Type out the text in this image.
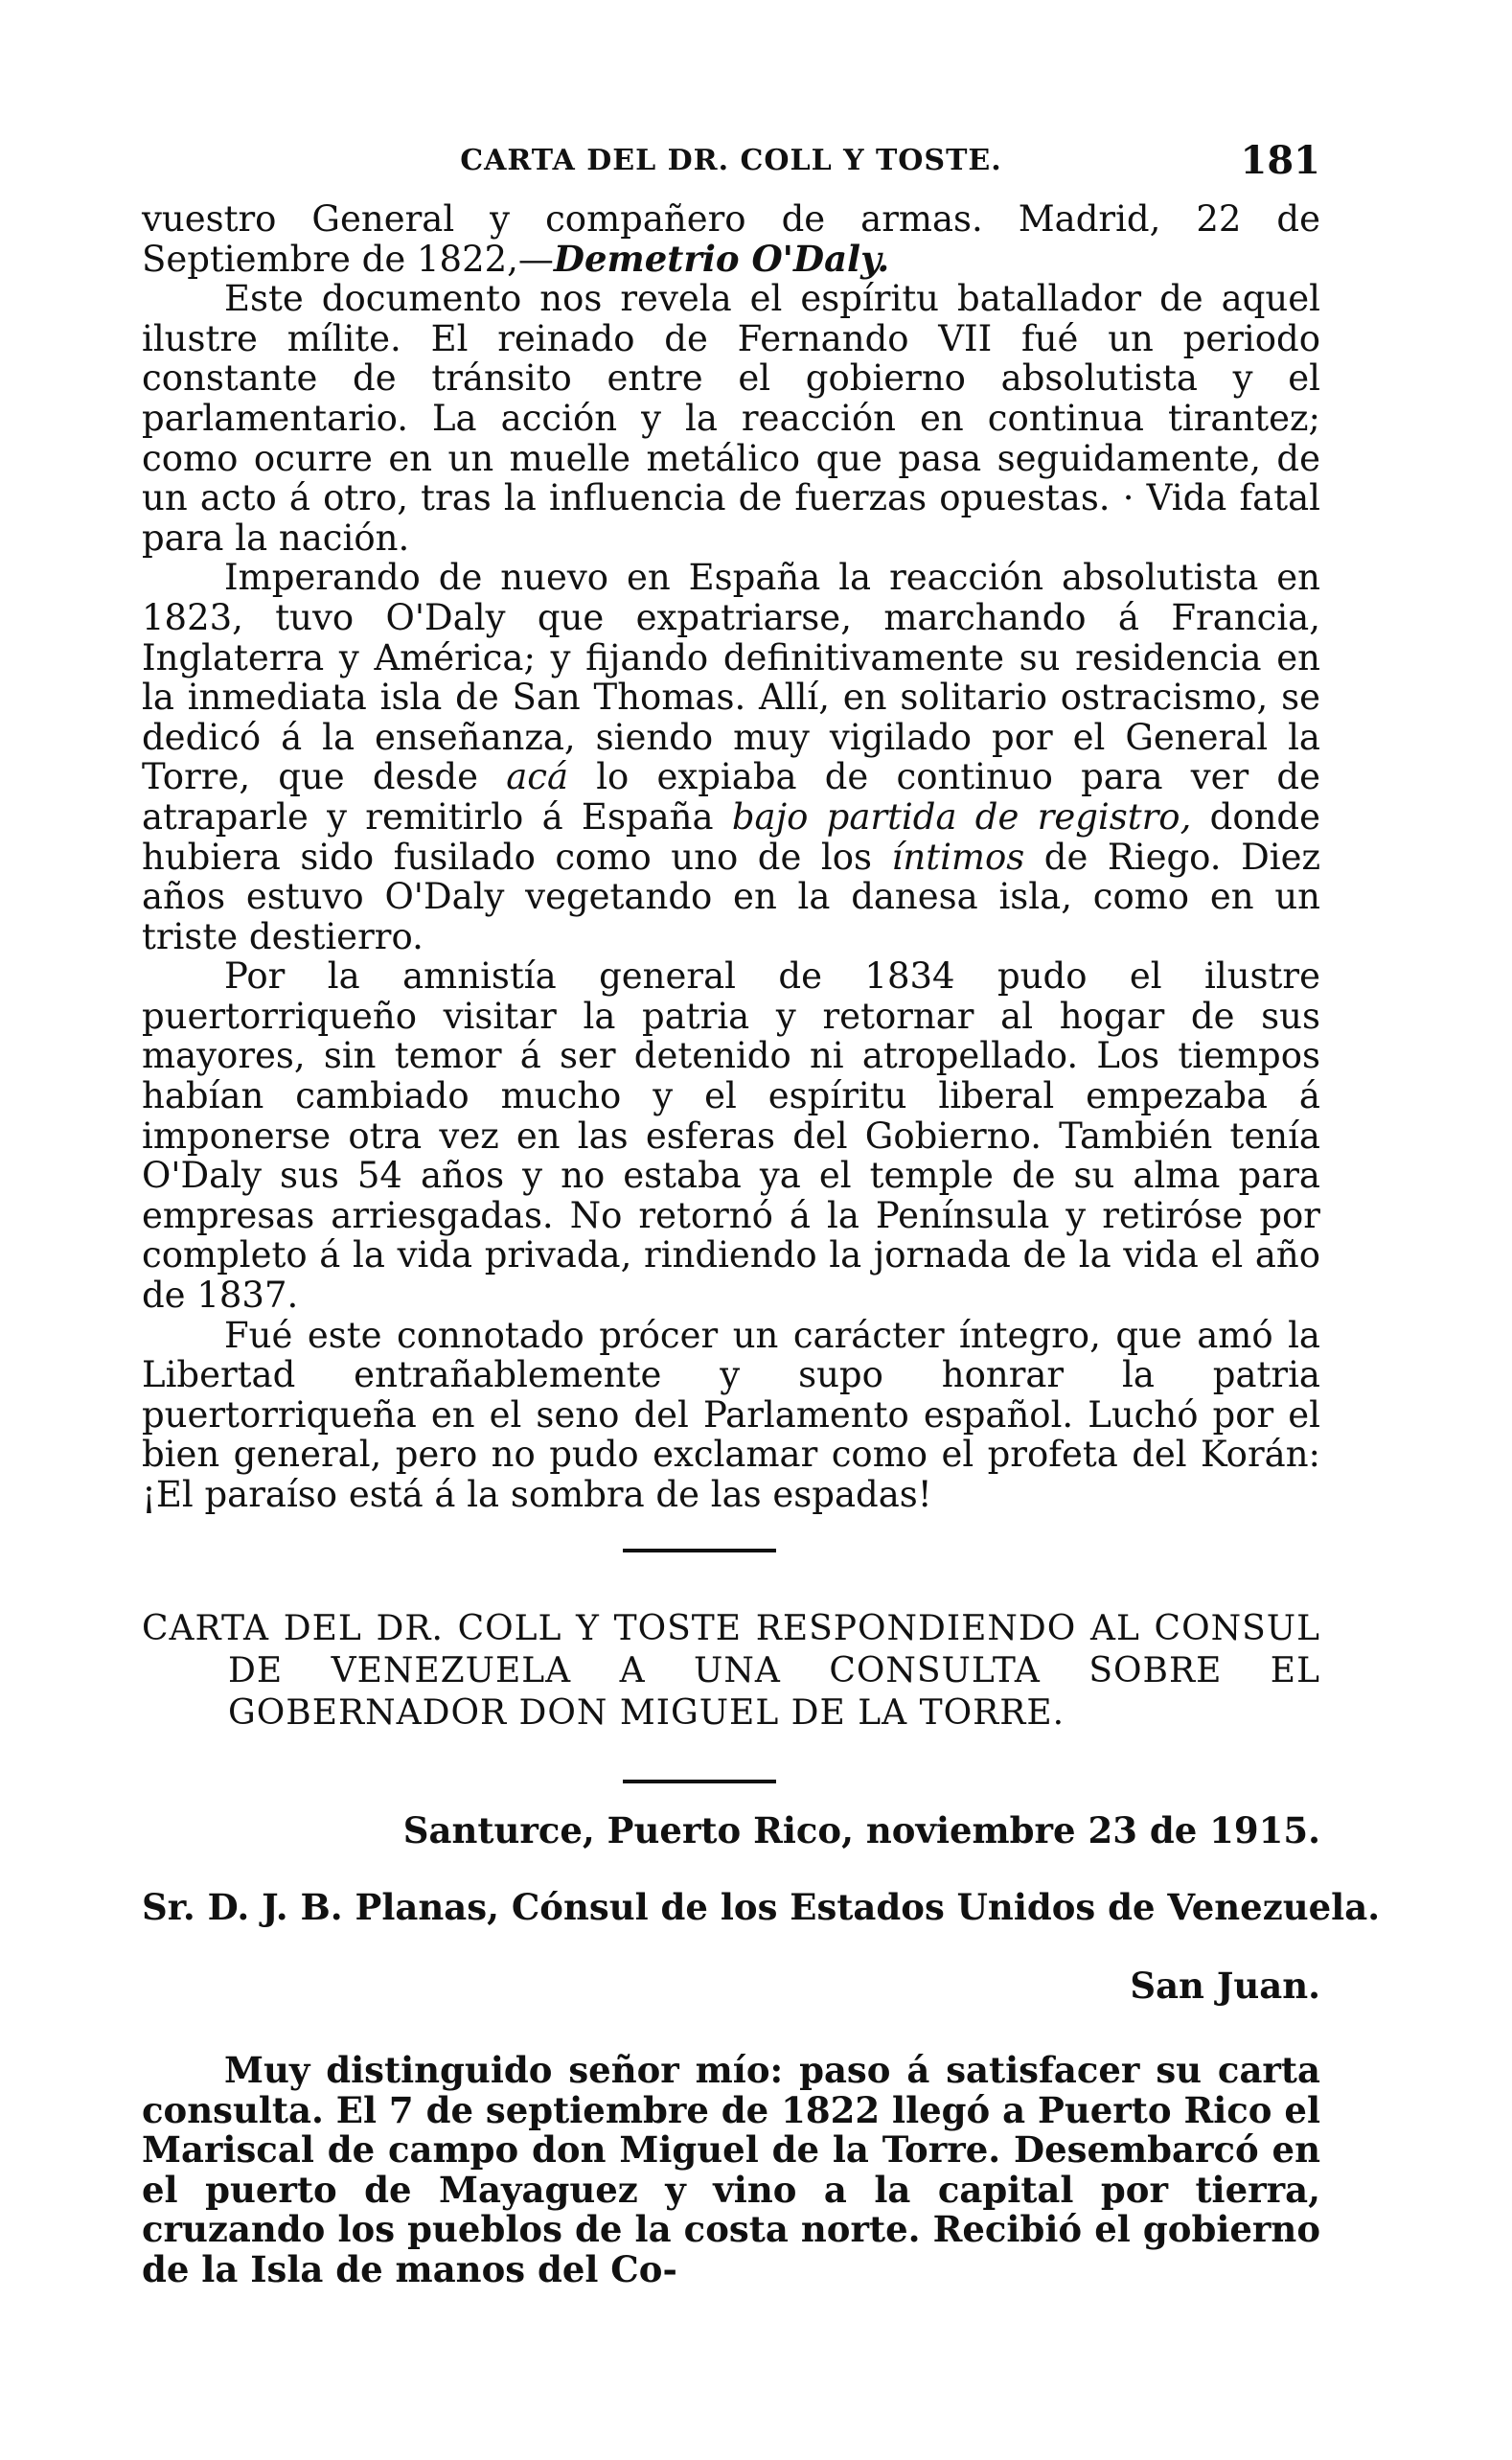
CARTA DEL DR. COLL Y TOSTE.	181

vuestro General y compañero de armas. Madrid, 22 de Septiembre de 1822,—Demetrio O'Daly.

Este documento nos revela el espíritu batallador de aquel ilustre mílite. El reinado de Fernando VII fué un periodo constante de tránsito entre el gobierno absolutista y el parlamentario. La acción y la reacción en continua tirantez; como ocurre en un muelle metálico que pasa seguidamente, de un acto á otro, tras la influencia de fuerzas opuestas. · Vida fatal para la nación.

Imperando de nuevo en España la reacción absolutista en 1823, tuvo O'Daly que expatriarse, marchando á Francia, Inglaterra y América; y fijando definitivamente su residencia en la inmediata isla de San Thomas. Allí, en solitario ostracismo, se dedicó á la enseñanza, siendo muy vigilado por el General la Torre, que desde acá lo expiaba de continuo para ver de atraparle y remitirlo á España bajo partida de registro, donde hubiera sido fusilado como uno de los íntimos de Riego. Diez años estuvo O'Daly vegetando en la danesa isla, como en un triste destierro.

Por la amnistía general de 1834 pudo el ilustre puertorriqueño visitar la patria y retornar al hogar de sus mayores, sin temor á ser detenido ni atropellado. Los tiempos habían cambiado mucho y el espíritu liberal empezaba á imponerse otra vez en las esferas del Gobierno. También tenía O'Daly sus 54 años y no estaba ya el temple de su alma para empresas arriesgadas. No retornó á la Península y retiróse por completo á la vida privada, rindiendo la jornada de la vida el año de 1837.

Fué este connotado prócer un carácter íntegro, que amó la Libertad entrañablemente y supo honrar la patria puertorriqueña en el seno del Parlamento español. Luchó por el bien general, pero no pudo exclamar como el profeta del Korán: ¡El paraíso está á la sombra de las espadas!

CARTA DEL DR. COLL Y TOSTE RESPONDIENDO AL CONSUL DE VENEZUELA A UNA CONSULTA SOBRE EL GOBERNADOR DON MIGUEL DE LA TORRE.
Santurce, Puerto Rico, noviembre 23 de 1915.
Sr. D. J. B. Planas, Cónsul de los Estados Unidos de Venezuela.
San Juan.
Muy distinguido señor mío: paso á satisfacer su carta consulta. El 7 de septiembre de 1822 llegó a Puerto Rico el Mariscal de campo don Miguel de la Torre. Desembarcó en el puerto de Mayaguez y vino a la capital por tierra, cruzando los pueblos de la costa norte. Recibió el gobierno de la Isla de manos del Co-
